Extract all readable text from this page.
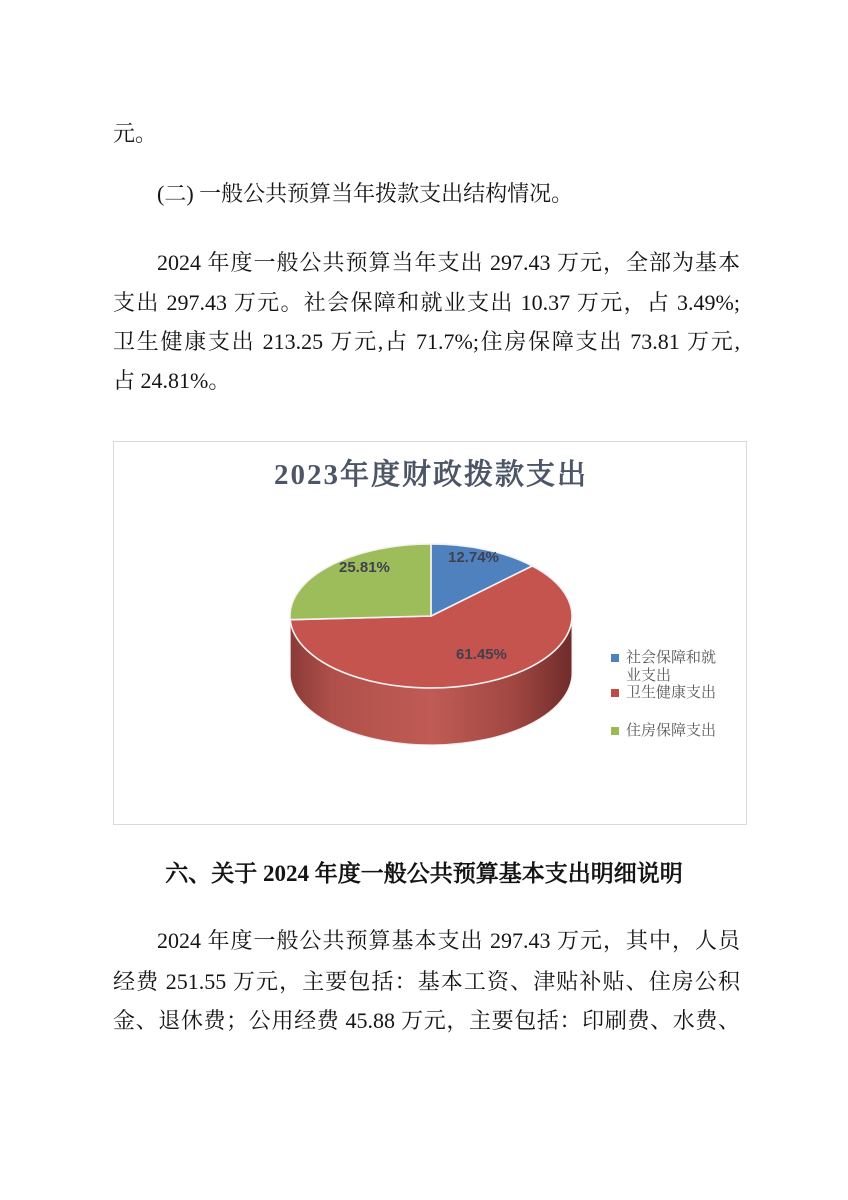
元。
(二) 一般公共预算当年拨款支出结构情况。
2024 年度一般公共预算当年支出 297.43 万元，全部为基本
支出 297.43 万元。社会保障和就业支出 10.37 万元，占 3.49%;
卫生健康支出 213.25 万元,占 71.7%;住房保障支出 73.81 万元,
占 24.81%。
2023年度财政拨款支出
12.74%
61.45%
25.81%
社会保障和就
业支出
卫生健康支出
住房保障支出
六、关于 2024 年度一般公共预算基本支出明细说明
2024 年度一般公共预算基本支出 297.43 万元，其中，人员
经费 251.55 万元，主要包括：基本工资、津贴补贴、住房公积
金、退休费；公用经费 45.88 万元，主要包括：印刷费、水费、
